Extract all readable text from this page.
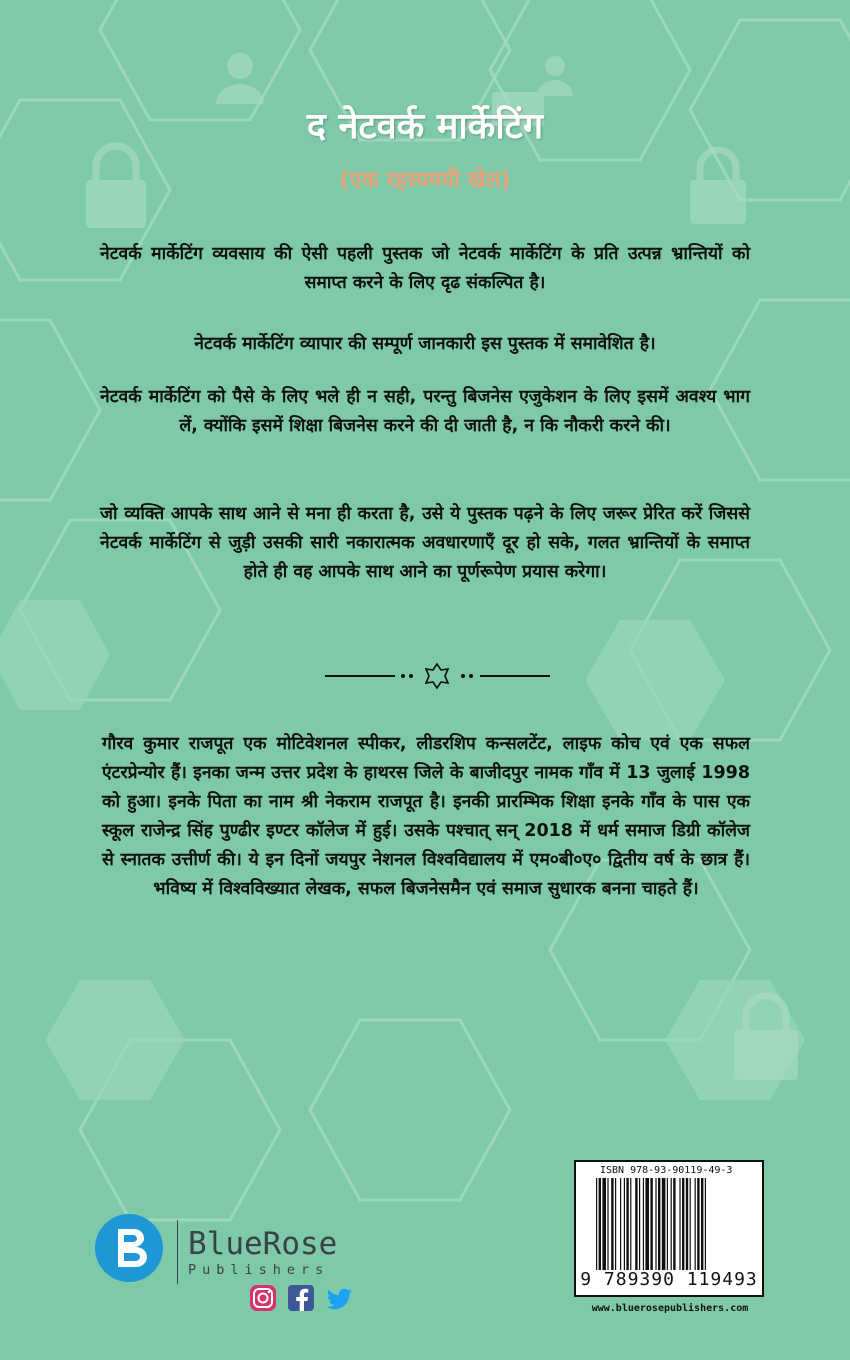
द नेटवर्क मार्केटिंग
(एक रहस्यमयी खेल)
नेटवर्क मार्केटिंग व्यवसाय की ऐसी पहली पुस्तक जो नेटवर्क मार्केटिंग के प्रति उत्पन्न भ्रान्तियों को समाप्त करने के लिए दृढ संकल्पित है।
नेटवर्क मार्केटिंग व्यापार की सम्पूर्ण जानकारी इस पुस्तक में समावेशित है।
नेटवर्क मार्केटिंग को पैसे के लिए भले ही न सही, परन्तु बिजनेस एजुकेशन के लिए इसमें अवश्य भाग लें, क्योंकि इसमें शिक्षा बिजनेस करने की दी जाती है, न कि नौकरी करने की।
जो व्यक्ति आपके साथ आने से मना ही करता है, उसे ये पुस्तक पढ़ने के लिए जरूर प्रेरित करें जिससे नेटवर्क मार्केटिंग से जुड़ी उसकी सारी नकारात्मक अवधारणाएँ दूर हो सके, गलत भ्रान्तियों के समाप्त होते ही वह आपके साथ आने का पूर्णरूपेण प्रयास करेगा।
गौरव कुमार राजपूत एक मोटिवेशनल स्पीकर, लीडरशिप कन्सलटेंट, लाइफ कोच एवं एक सफल एंटरप्रेन्योर हैं। इनका जन्म उत्तर प्रदेश के हाथरस जिले के बाजीदपुर नामक गाँव में 13 जुलाई 1998 को हुआ। इनके पिता का नाम श्री नेकराम राजपूत है। इनकी प्रारम्भिक शिक्षा इनके गाँव के पास एक स्कूल राजेन्द्र सिंह पुण्ढीर इण्टर कॉलेज में हुई। उसके पश्चात् सन् 2018 में धर्म समाज डिग्री कॉलेज से स्नातक उत्तीर्ण की। ये इन दिनों जयपुर नेशनल विश्वविद्यालय में एम०बी०ए० द्वितीय वर्ष के छात्र हैं। भविष्य में विश्वविख्यात लेखक, सफल बिजनेसमैन एवं समाज सुधारक बनना चाहते हैं।
BlueRose
Publishers
ISBN 978-93-90119-49-3
9 789390 119493
www.bluerosepublishers.com
